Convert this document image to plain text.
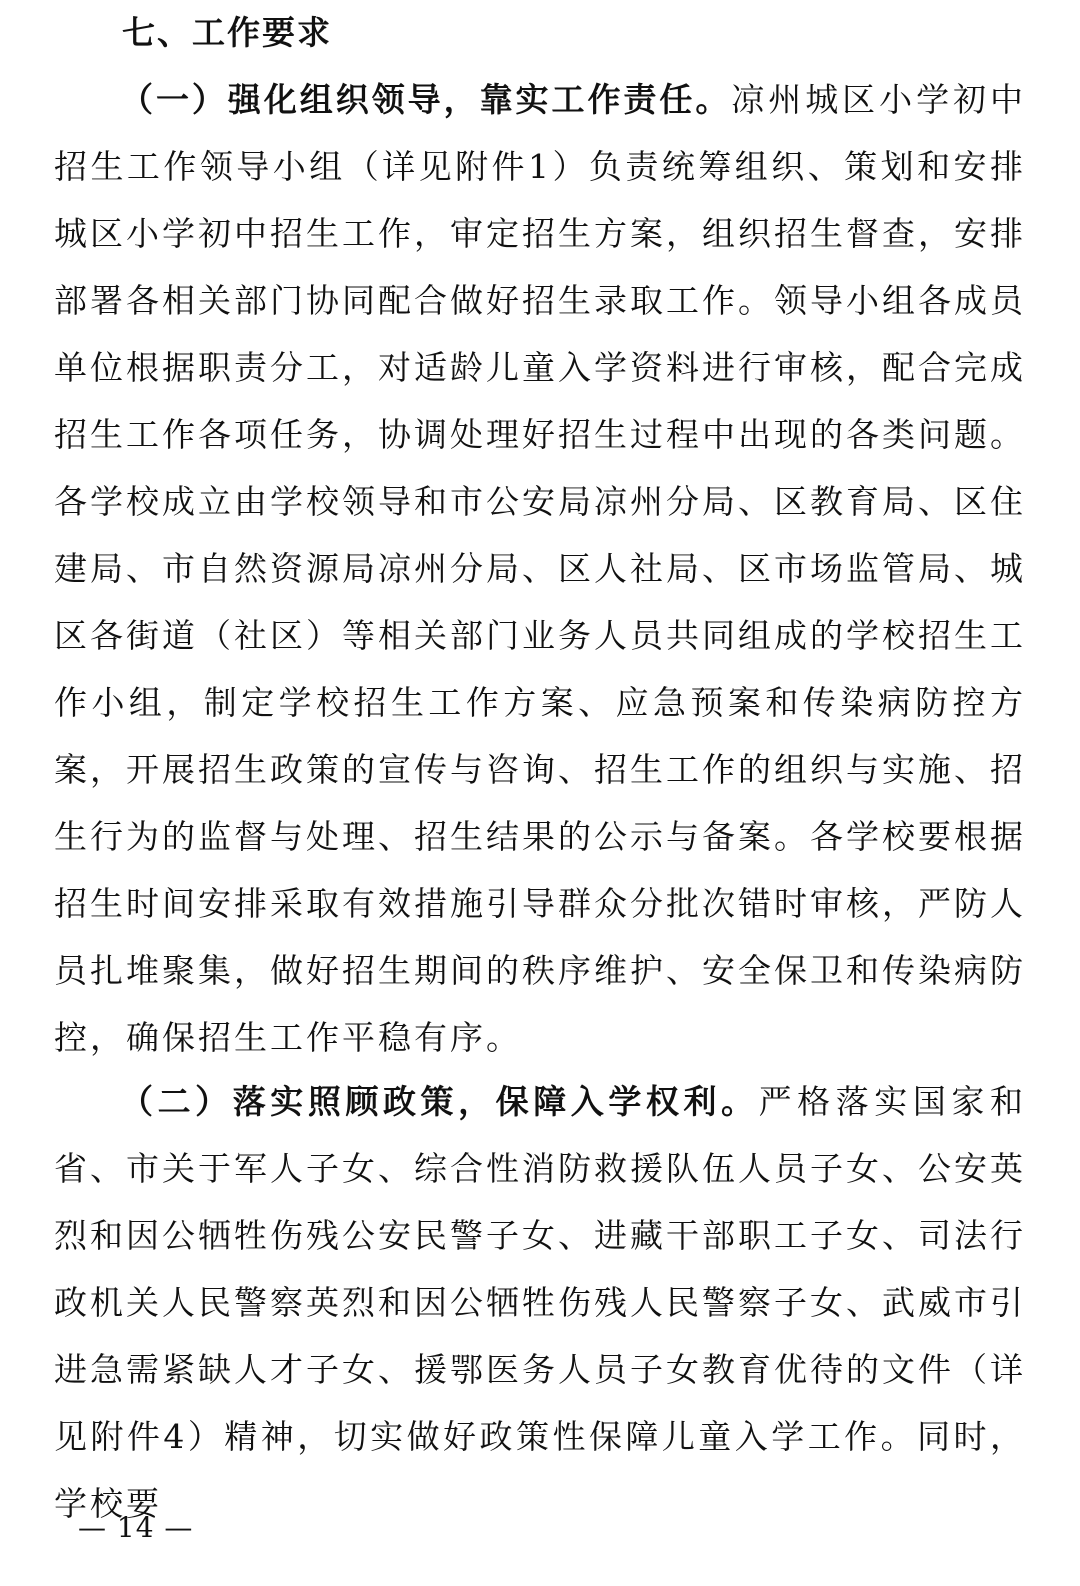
七、工作要求

（一）强化组织领导，靠实工作责任。凉州城区小学初中招生工作领导小组（详见附件1）负责统筹组织、策划和安排城区小学初中招生工作，审定招生方案，组织招生督查，安排部署各相关部门协同配合做好招生录取工作。领导小组各成员单位根据职责分工，对适龄儿童入学资料进行审核，配合完成招生工作各项任务，协调处理好招生过程中出现的各类问题。各学校成立由学校领导和市公安局凉州分局、区教育局、区住建局、市自然资源局凉州分局、区人社局、区市场监管局、城区各街道（社区）等相关部门业务人员共同组成的学校招生工作小组，制定学校招生工作方案、应急预案和传染病防控方案，开展招生政策的宣传与咨询、招生工作的组织与实施、招生行为的监督与处理、招生结果的公示与备案。各学校要根据招生时间安排采取有效措施引导群众分批次错时审核，严防人员扎堆聚集，做好招生期间的秩序维护、安全保卫和传染病防控，确保招生工作平稳有序。

（二）落实照顾政策，保障入学权利。严格落实国家和省、市关于军人子女、综合性消防救援队伍人员子女、公安英烈和因公牺牲伤残公安民警子女、进藏干部职工子女、司法行政机关人民警察英烈和因公牺牲伤残人民警察子女、武威市引进急需紧缺人才子女、援鄂医务人员子女教育优待的文件（详见附件4）精神，切实做好政策性保障儿童入学工作。同时，学校要

— 14 —
